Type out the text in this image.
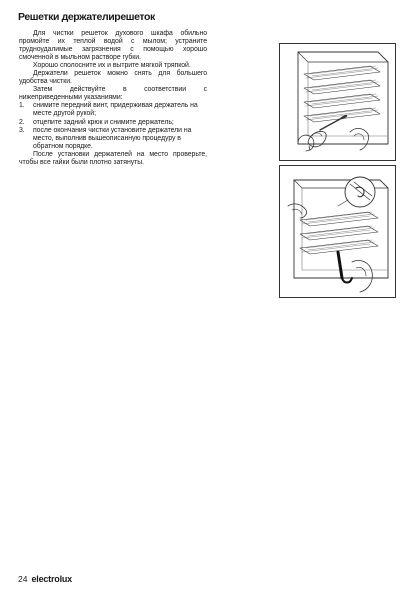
Решетки держателирешеток

Для чистки решеток духового шкафа обильно промойте их теплой водой с мылом; устраните трудноудалимые загрязнения с помощью хорошо смоченной в мыльном растворе губки.

Хорошо сполосните их и вытрите мягкой тряпкой.

Держатели решеток можно снять для большего удобства чистки.

Затем действуйте в соответствии с нижеприведенными указаниями:

1. снимите передний винт, придерживая держатель на месте другой рукой;
2. отцепите задний крюк и снимите держатель;
3. после окончания чистки установите держатели на место, выполнив вышеописанную процедуру в обратном порядке.

После установки держателей на место проверьте, чтобы все гайки были плотно затянуты.

24 electrolux
